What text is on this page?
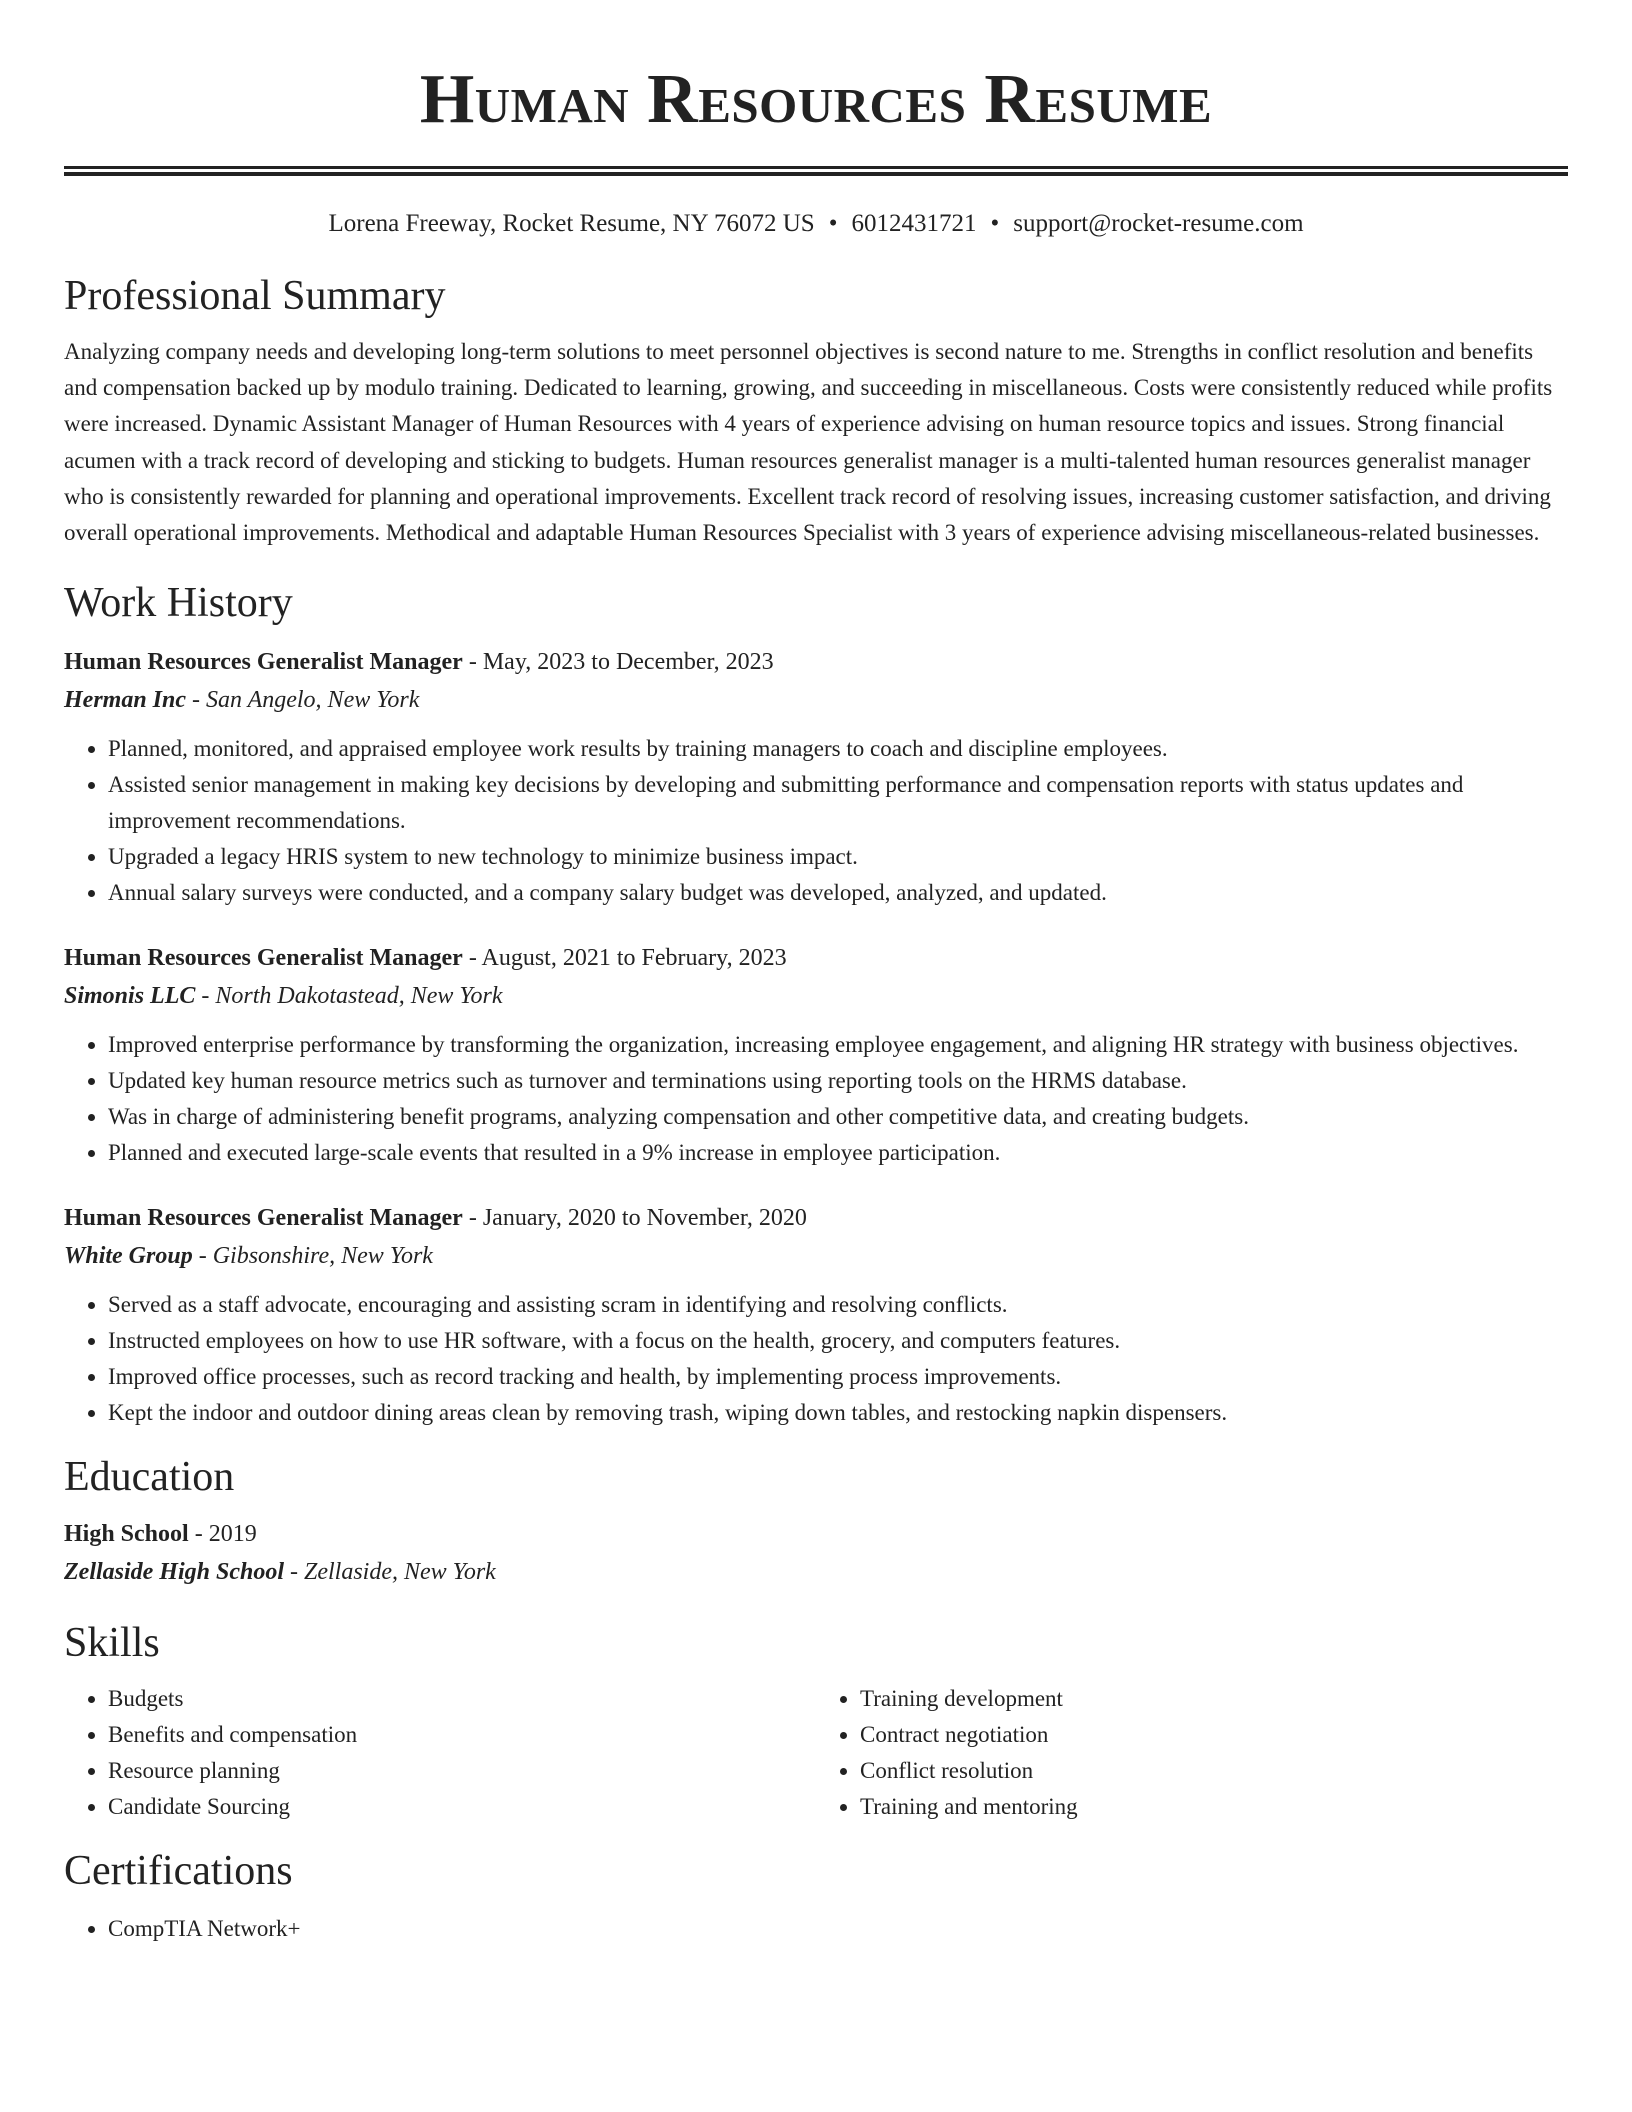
Human Resources Resume
Lorena Freeway, Rocket Resume, NY 76072 US • 6012431721 • support@rocket-resume.com
Professional Summary
Analyzing company needs and developing long-term solutions to meet personnel objectives is second nature to me. Strengths in conflict resolution and benefits and compensation backed up by modulo training. Dedicated to learning, growing, and succeeding in miscellaneous. Costs were consistently reduced while profits were increased. Dynamic Assistant Manager of Human Resources with 4 years of experience advising on human resource topics and issues. Strong financial acumen with a track record of developing and sticking to budgets. Human resources generalist manager is a multi-talented human resources generalist manager who is consistently rewarded for planning and operational improvements. Excellent track record of resolving issues, increasing customer satisfaction, and driving overall operational improvements. Methodical and adaptable Human Resources Specialist with 3 years of experience advising miscellaneous-related businesses.
Work History
Human Resources Generalist Manager - May, 2023 to December, 2023
Herman Inc - San Angelo, New York
• Planned, monitored, and appraised employee work results by training managers to coach and discipline employees.
• Assisted senior management in making key decisions by developing and submitting performance and compensation reports with status updates and improvement recommendations.
• Upgraded a legacy HRIS system to new technology to minimize business impact.
• Annual salary surveys were conducted, and a company salary budget was developed, analyzed, and updated.
Human Resources Generalist Manager - August, 2021 to February, 2023
Simonis LLC - North Dakotastead, New York
• Improved enterprise performance by transforming the organization, increasing employee engagement, and aligning HR strategy with business objectives.
• Updated key human resource metrics such as turnover and terminations using reporting tools on the HRMS database.
• Was in charge of administering benefit programs, analyzing compensation and other competitive data, and creating budgets.
• Planned and executed large-scale events that resulted in a 9% increase in employee participation.
Human Resources Generalist Manager - January, 2020 to November, 2020
White Group - Gibsonshire, New York
• Served as a staff advocate, encouraging and assisting scram in identifying and resolving conflicts.
• Instructed employees on how to use HR software, with a focus on the health, grocery, and computers features.
• Improved office processes, such as record tracking and health, by implementing process improvements.
• Kept the indoor and outdoor dining areas clean by removing trash, wiping down tables, and restocking napkin dispensers.
Education
High School - 2019
Zellaside High School - Zellaside, New York
Skills
• Budgets
• Benefits and compensation
• Resource planning
• Candidate Sourcing
• Training development
• Contract negotiation
• Conflict resolution
• Training and mentoring
Certifications
• CompTIA Network+
